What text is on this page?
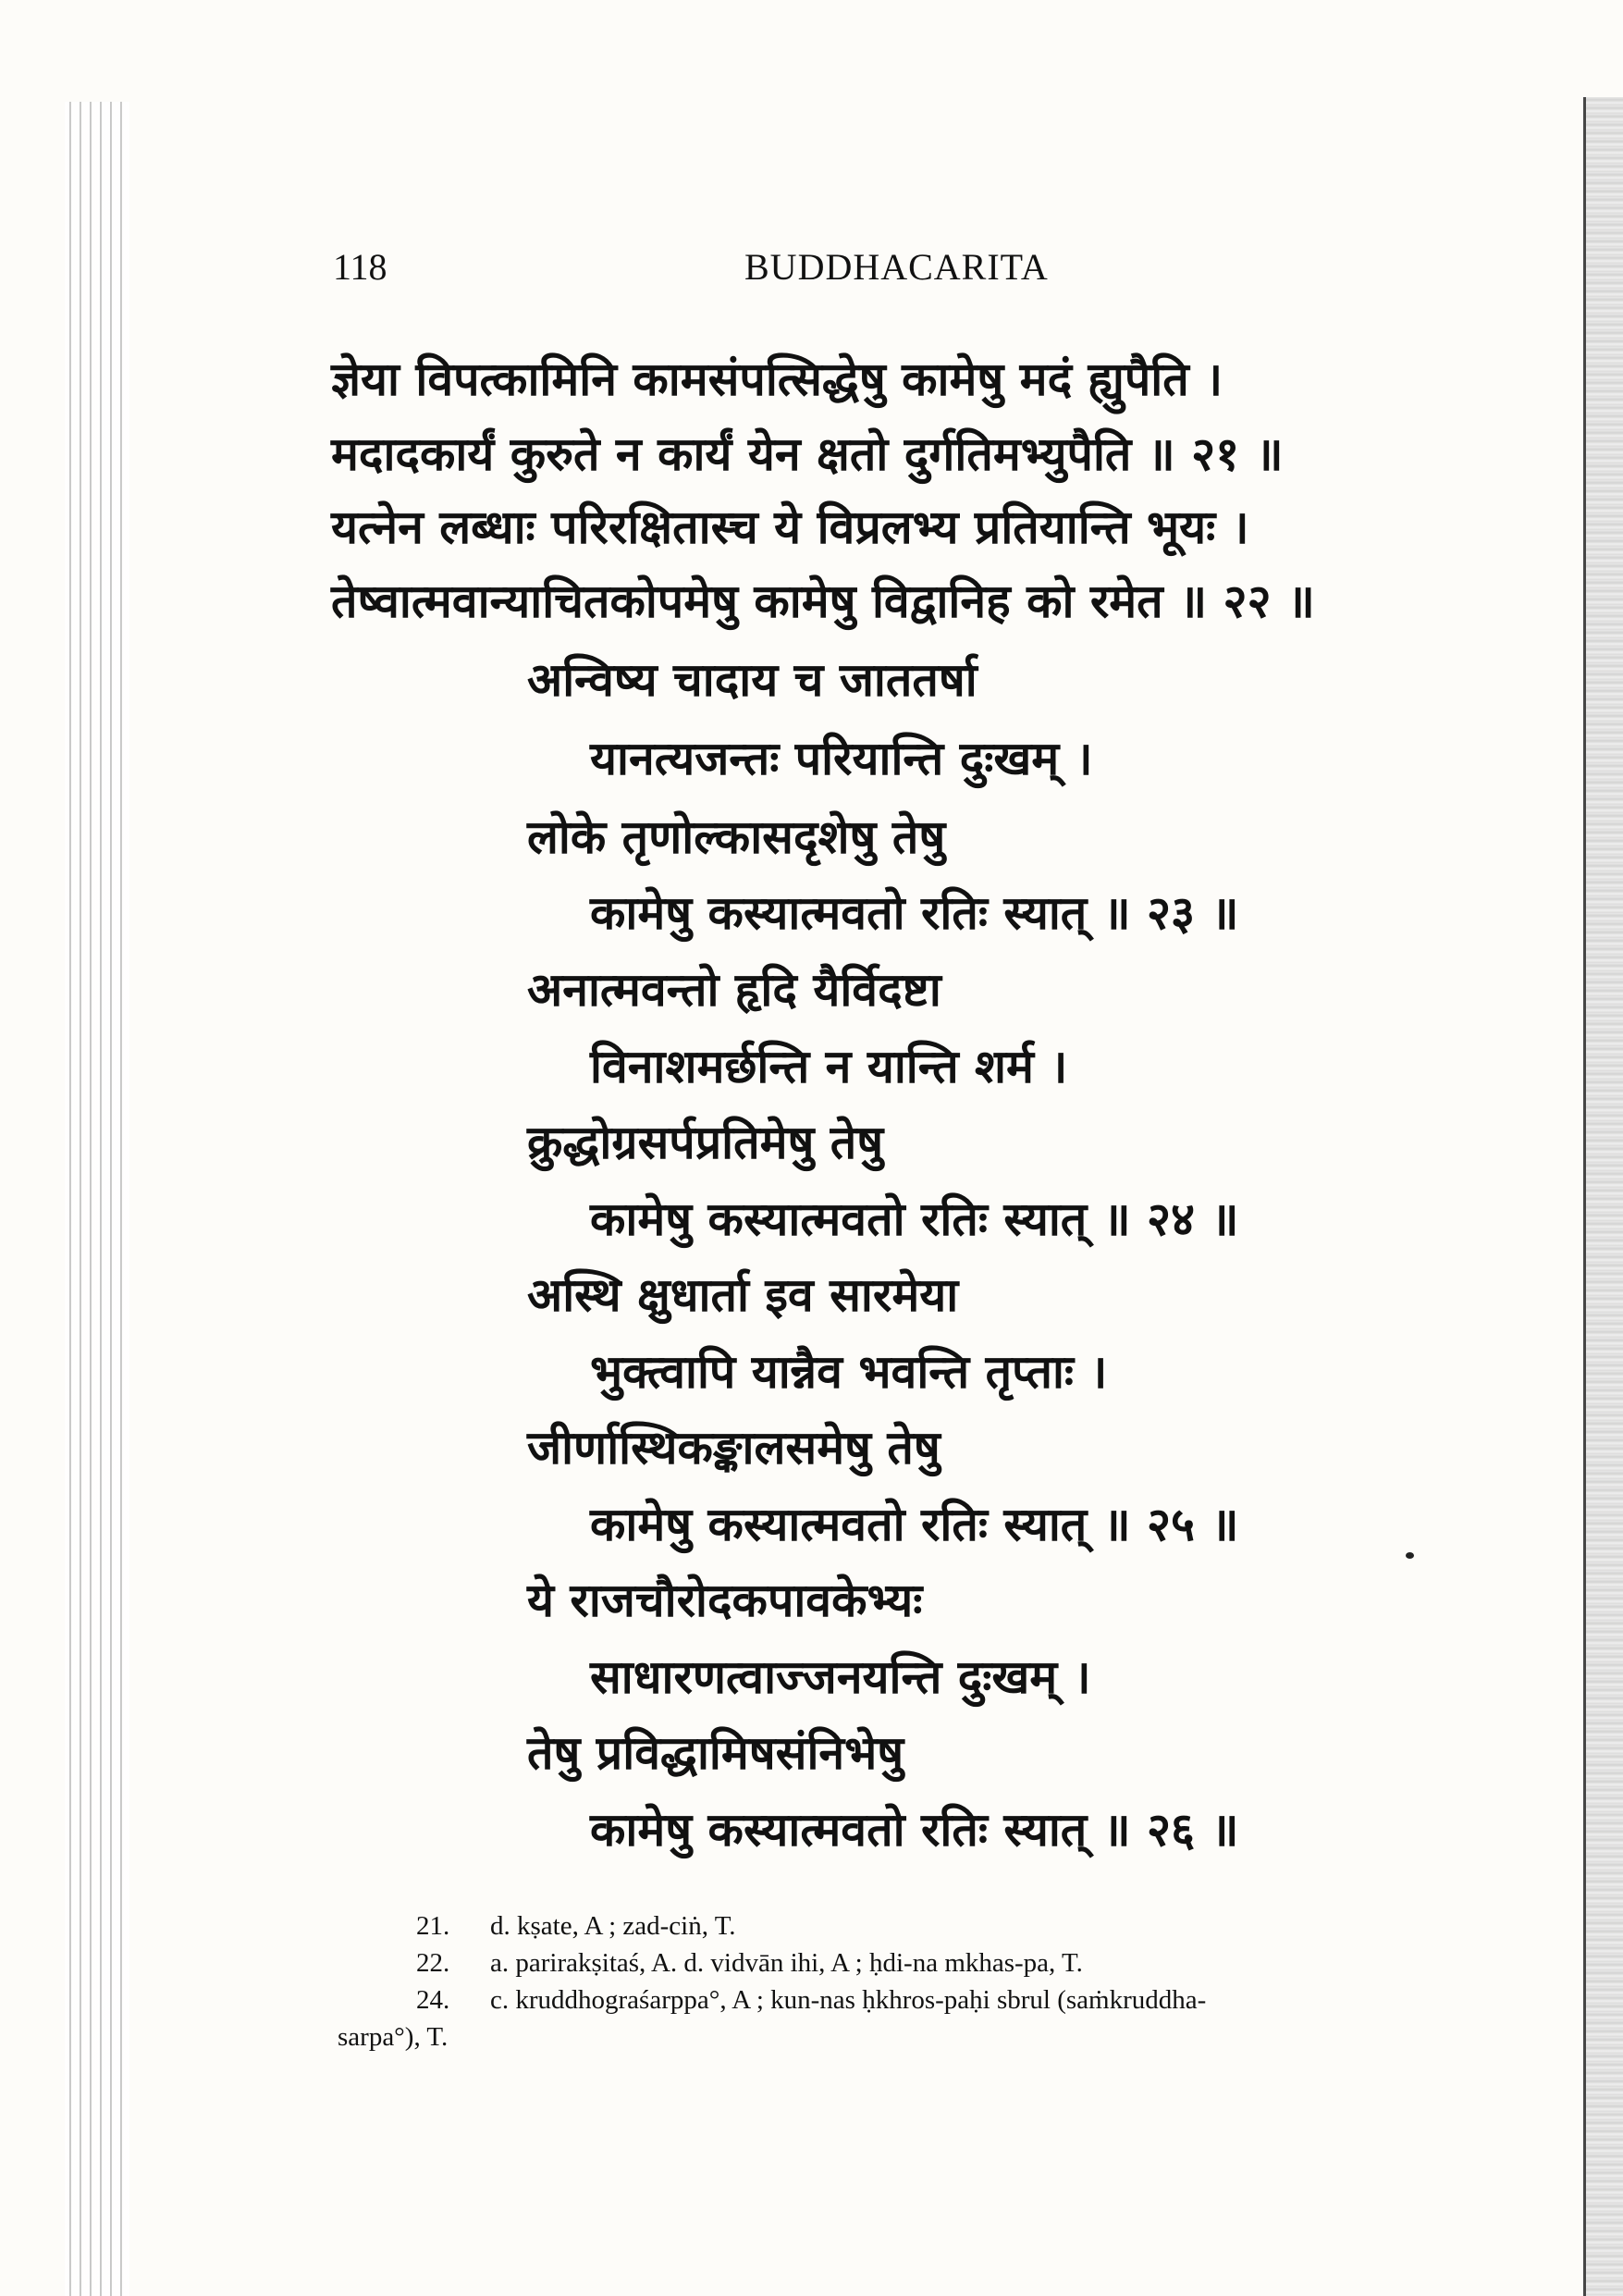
118	BUDDHACARITA
ज्ञेया विपत्कामिनि कामसंपत्सिद्धेषु कामेषु मदं ह्युपैति ।
मदादकार्यं कुरुते न कार्यं येन क्षतो दुर्गतिमभ्युपैति ॥ २१ ॥
यत्नेन लब्धाः परिरक्षितास्च ये विप्रलभ्य प्रतियान्ति भूयः ।
तेष्वात्मवान्याचितकोपमेषु कामेषु विद्वानिह को रमेत ॥ २२ ॥
अन्विष्य चादाय च जाततर्षा
यानत्यजन्तः परियान्ति दुःखम् ।
लोके तृणोल्कासदृशेषु तेषु
कामेषु कस्यात्मवतो रतिः स्यात् ॥ २३ ॥
अनात्मवन्तो हृदि यैर्विदष्टा
विनाशमर्छन्ति न यान्ति शर्म ।
क्रुद्धोग्रसर्पप्रतिमेषु तेषु
कामेषु कस्यात्मवतो रतिः स्यात् ॥ २४ ॥
अस्थि क्षुधार्ता इव सारमेया
भुक्त्वापि यान्नैव भवन्ति तृप्ताः ।
जीर्णास्थिकङ्कालसमेषु तेषु
कामेषु कस्यात्मवतो रतिः स्यात् ॥ २५ ॥
ये राजचौरोदकपावकेभ्यः
साधारणत्वाज्जनयन्ति दुःखम् ।
तेषु प्रविद्धामिषसंनिभेषु
कामेषु कस्यात्मवतो रतिः स्यात् ॥ २६ ॥
21. d. kṣate, A ; zad-ciṅ, T.
22. a. parirakṣitaś, A. d. vidvān ihi, A ; ḥdi-na mkhas-pa, T.
24. c. kruddhograśarppa°, A ; kun-nas ḥkhros-paḥi sbrul (saṁkruddha-
sarpa°), T.
